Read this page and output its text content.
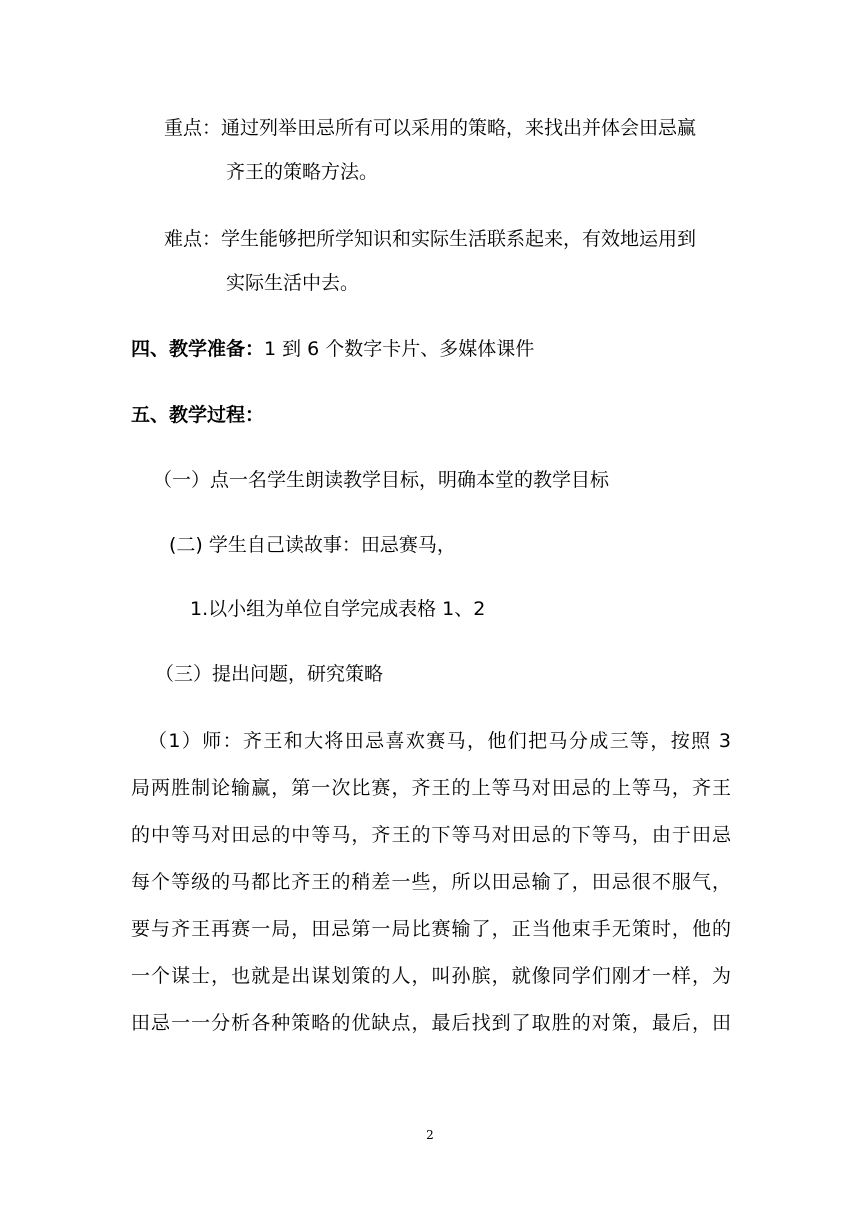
重点：通过列举田忌所有可以采用的策略，来找出并体会田忌赢
齐王的策略方法。
难点：学生能够把所学知识和实际生活联系起来，有效地运用到
实际生活中去。
四、教学准备：1 到 6 个数字卡片、多媒体课件
五、教学过程：
（一）点一名学生朗读教学目标，明确本堂的教学目标
(二) 学生自己读故事：田忌赛马，
1.以小组为单位自学完成表格 1、2
（三）提出问题，研究策略
（1）师：齐王和大将田忌喜欢赛马，他们把马分成三等，按照 3
局两胜制论输赢，第一次比赛，齐王的上等马对田忌的上等马，齐王
的中等马对田忌的中等马，齐王的下等马对田忌的下等马，由于田忌
每个等级的马都比齐王的稍差一些，所以田忌输了，田忌很不服气，
要与齐王再赛一局，田忌第一局比赛输了，正当他束手无策时，他的
一个谋士，也就是出谋划策的人，叫孙膑，就像同学们刚才一样，为
田忌一一分析各种策略的优缺点，最后找到了取胜的对策，最后，田
2
